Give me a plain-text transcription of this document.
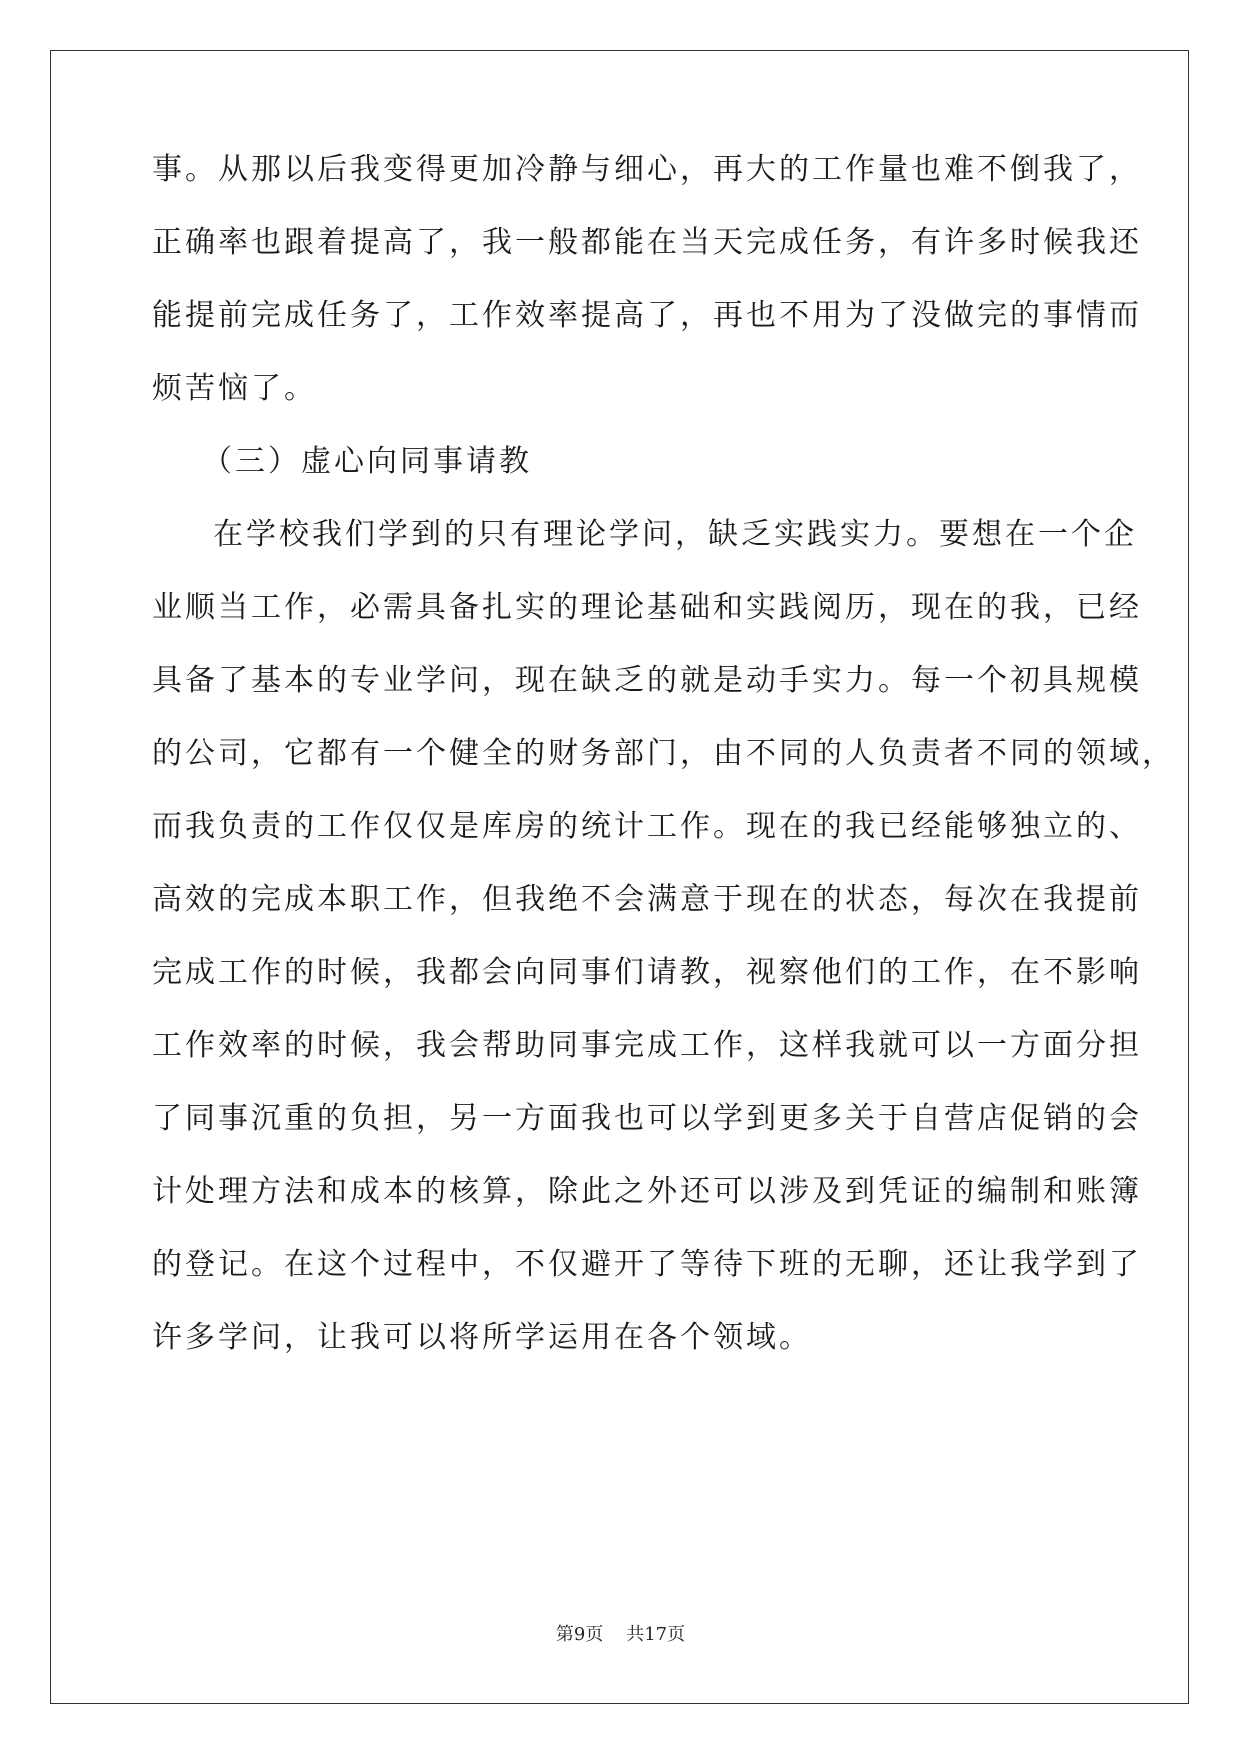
事。从那以后我变得更加冷静与细心，再大的工作量也难不倒我了，
正确率也跟着提高了，我一般都能在当天完成任务，有许多时候我还
能提前完成任务了，工作效率提高了，再也不用为了没做完的事情而
烦苦恼了。
（三）虚心向同事请教
在学校我们学到的只有理论学问，缺乏实践实力。要想在一个企
业顺当工作，必需具备扎实的理论基础和实践阅历，现在的我，已经
具备了基本的专业学问，现在缺乏的就是动手实力。每一个初具规模
的公司，它都有一个健全的财务部门，由不同的人负责者不同的领域，
而我负责的工作仅仅是库房的统计工作。现在的我已经能够独立的、
高效的完成本职工作，但我绝不会满意于现在的状态，每次在我提前
完成工作的时候，我都会向同事们请教，视察他们的工作，在不影响
工作效率的时候，我会帮助同事完成工作，这样我就可以一方面分担
了同事沉重的负担，另一方面我也可以学到更多关于自营店促销的会
计处理方法和成本的核算，除此之外还可以涉及到凭证的编制和账簿
的登记。在这个过程中，不仅避开了等待下班的无聊，还让我学到了
许多学问，让我可以将所学运用在各个领域。
第9页 共17页
